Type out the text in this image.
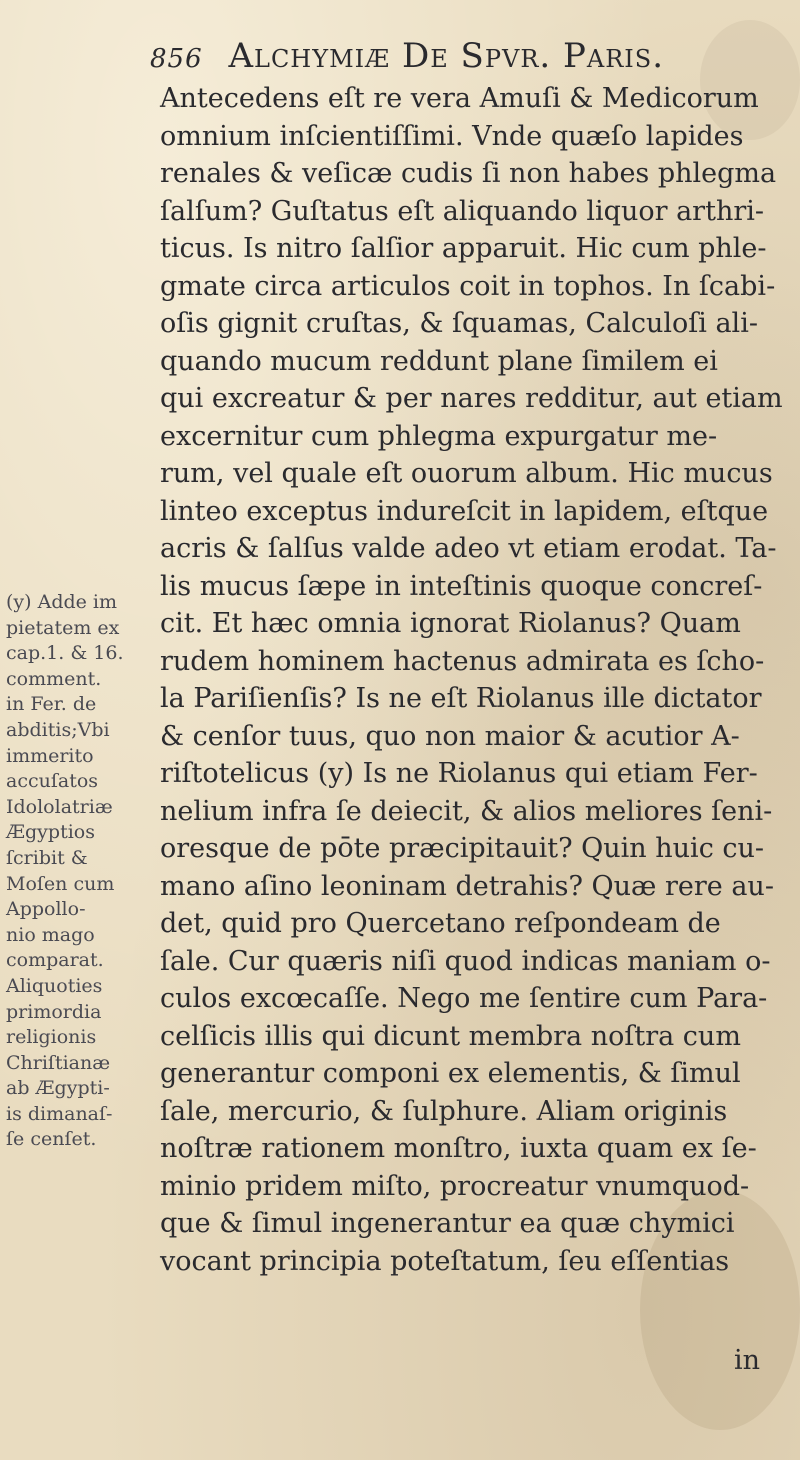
856 Alchymiæ De Spvr. Paris.
Antecedens eſt re vera Amuſi & Medicorum
omnium inſcientiſſimi. Vnde quæſo lapides
renales & veſicæ cudis ſi non habes phlegma
ſalſum? Guſtatus eſt aliquando liquor arthri-
ticus. Is nitro ſalſior apparuit. Hic cum phle-
gmate circa articulos coit in tophos. In ſcabi-
oſis gignit cruſtas, & ſquamas, Calculoſi ali-
quando mucum reddunt plane ſimilem ei
qui excreatur & per nares redditur, aut etiam
excernitur cum phlegma expurgatur me-
rum, vel quale eſt ouorum album. Hic mucus
linteo exceptus indureſcit in lapidem, eſtque
acris & ſalſus valde adeo vt etiam erodat. Ta-
lis mucus ſæpe in inteſtinis quoque concreſ-
cit. Et hæc omnia ignorat Riolanus? Quam
rudem hominem hactenus admirata es ſcho-
la Pariſienſis? Is ne eſt Riolanus ille dictator
& cenſor tuus, quo non maior & acutior A-
riſtotelicus (y) Is ne Riolanus qui etiam Fer-
nelium infra ſe deiecit, & alios meliores ſeni-
oresque de pōte præcipitauit? Quin huic cu-
mano aſino leoninam detrahis? Quæ rere au-
det, quid pro Quercetano reſpondeam de
ſale. Cur quæris niſi quod indicas maniam o-
culos excœcaſſe. Nego me ſentire cum Para-
celſicis illis qui dicunt membra noſtra cum
generantur componi ex elementis, & ſimul
ſale, mercurio, & ſulphure. Aliam originis
noſtræ rationem monſtro, iuxta quam ex ſe-
minio pridem miſto, procreatur vnumquod-
que & ſimul ingenerantur ea quæ chymici
vocant principia poteſtatum, ſeu eſſentias
(y) Adde im
pietatem ex
cap.1. & 16.
comment.
in Fer. de
abditis;Vbi
immerito
accuſatos
Idololatriæ
Ægyptios
ſcribit &
Moſen cum
Appollo-
nio mago
comparat.
Aliquoties
primordia
religionis
Chriſtianæ
ab Ægypti-
is dimanaſ-
ſe cenſet.
in
